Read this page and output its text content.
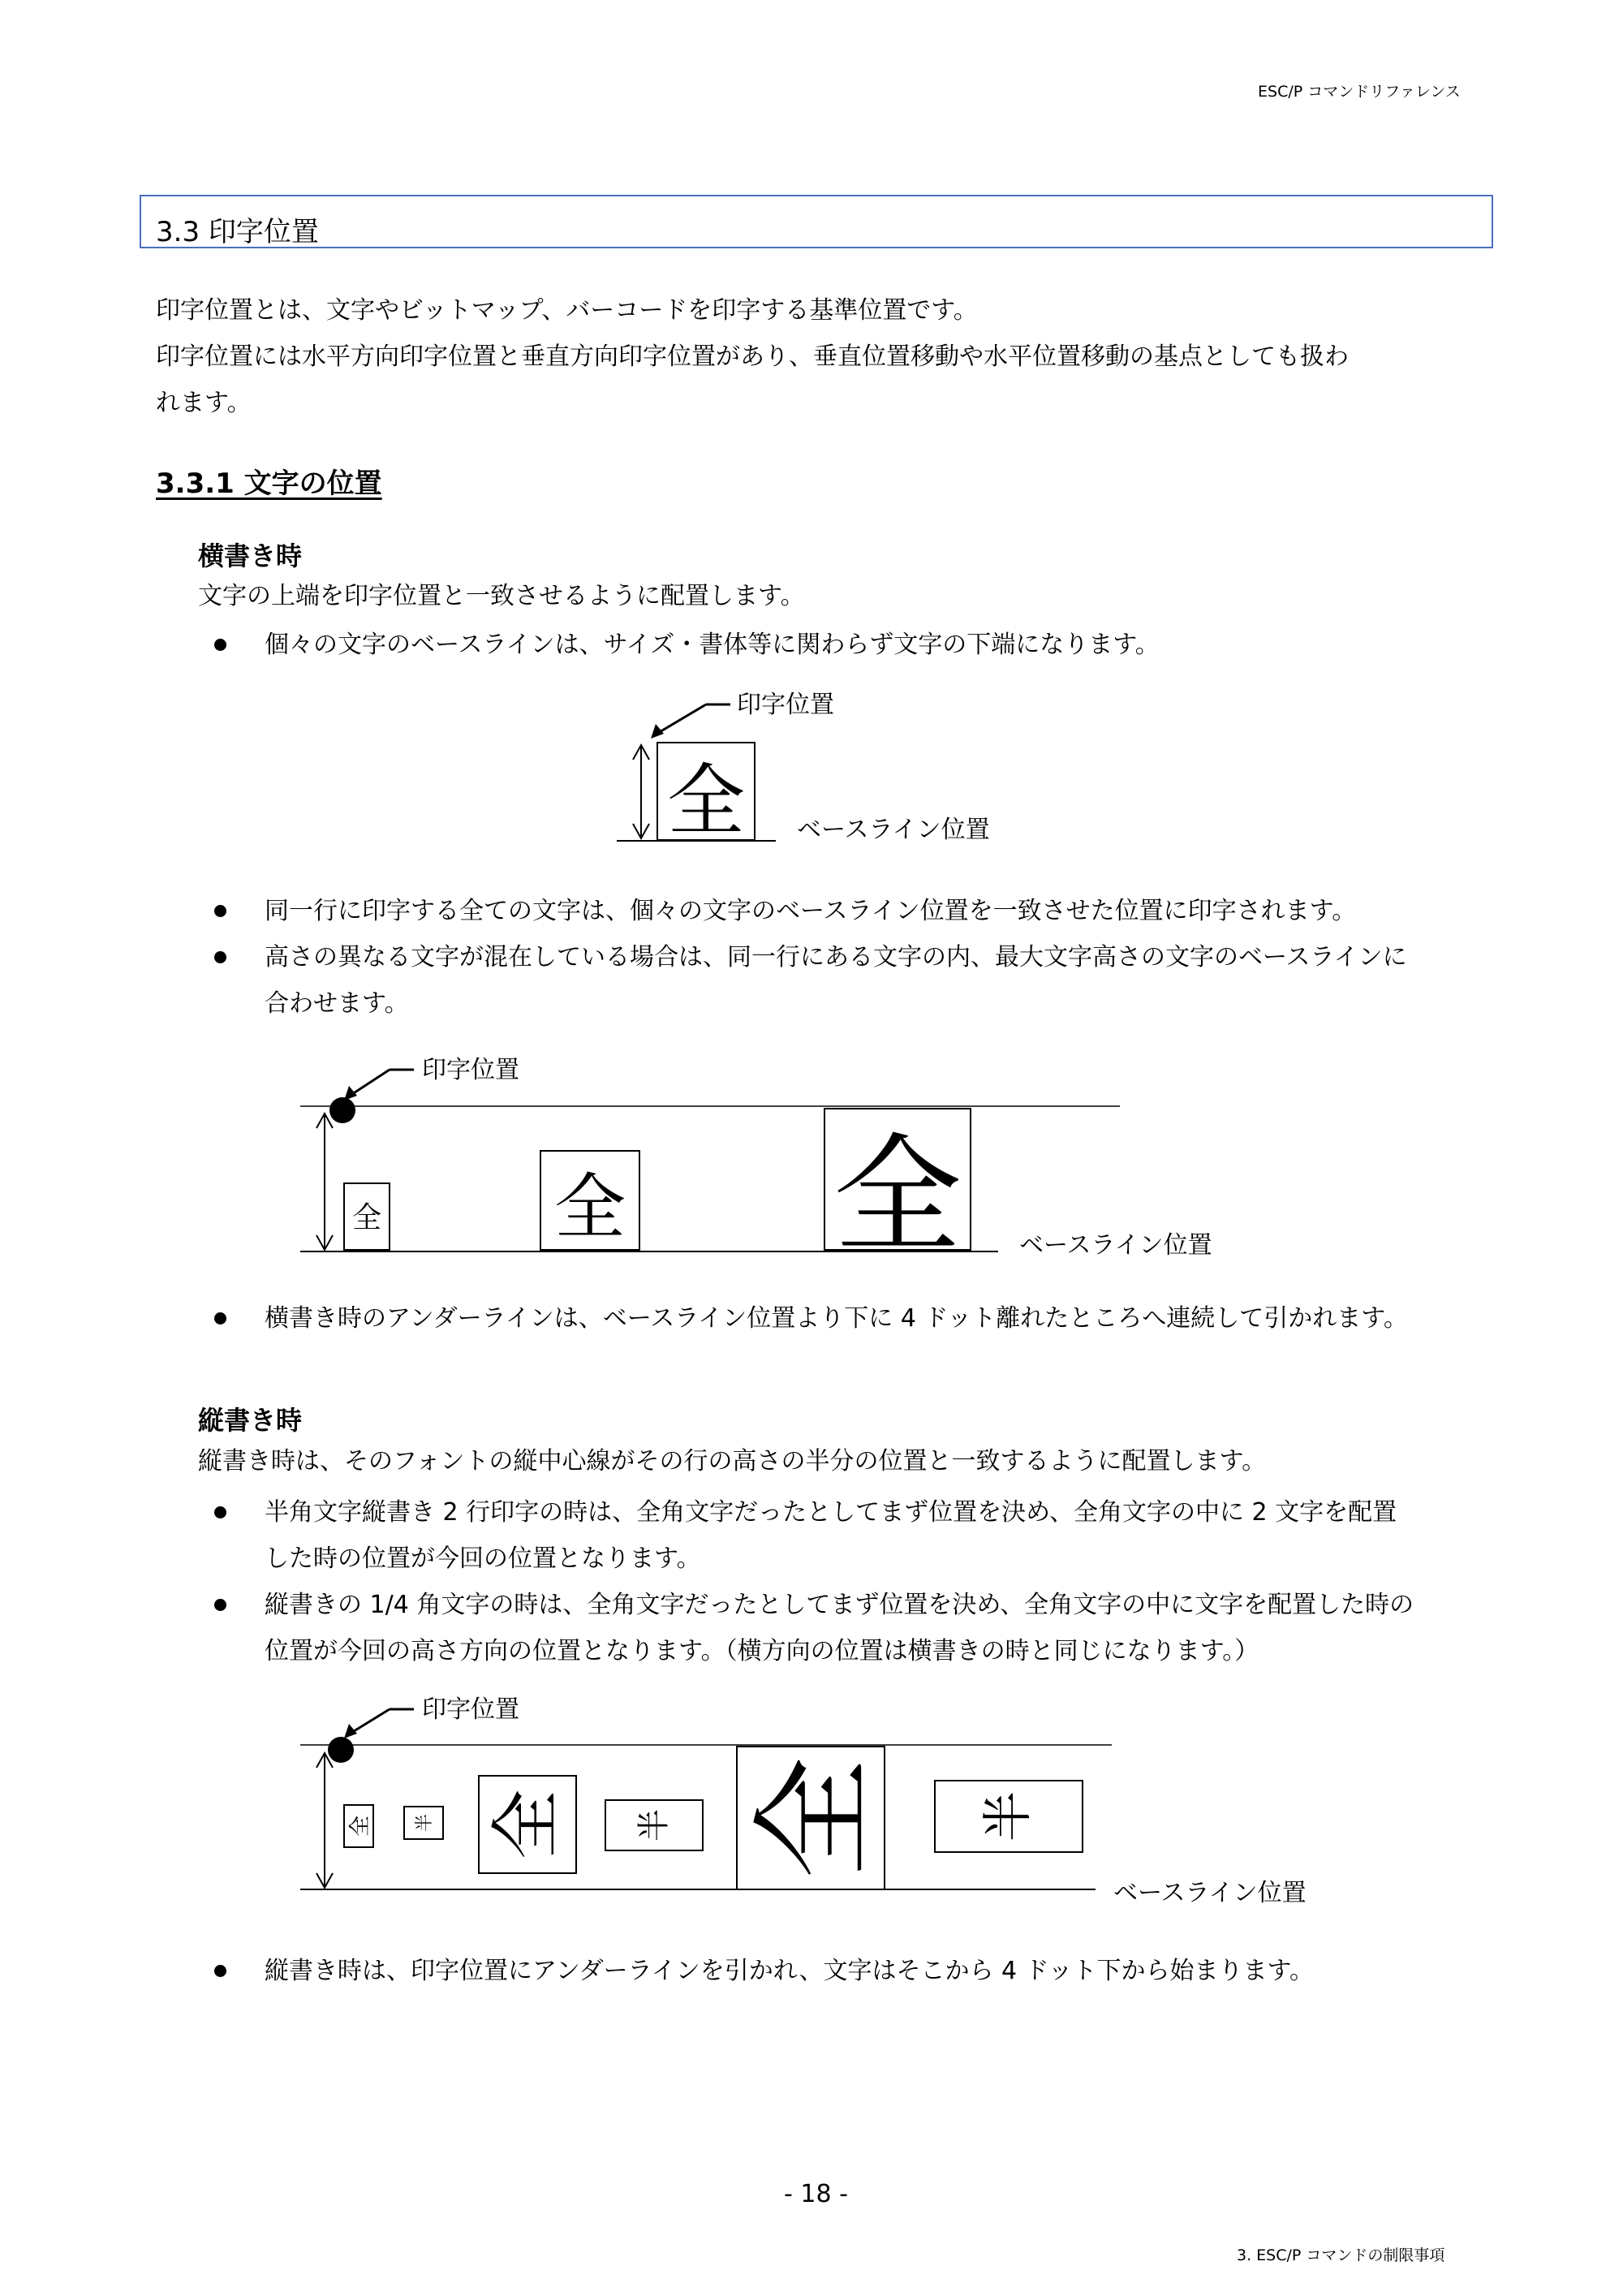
ESC/P コマンドリファレンス
3.3 印字位置
印字位置とは、文字やビットマップ、バーコードを印字する基準位置です。
印字位置には水平方向印字位置と垂直方向印字位置があり、垂直位置移動や水平位置移動の基点としても扱わ
れます。
3.3.1 文字の位置
横書き時
文字の上端を印字位置と一致させるように配置します。
個々の文字のベースラインは、サイズ・書体等に関わらず文字の下端になります。
印字位置
全 ベースライン位置
同一行に印字する全ての文字は、個々の文字のベースライン位置を一致させた位置に印字されます。
高さの異なる文字が混在している場合は、同一行にある文字の内、最大文字高さの文字のベースラインに
合わせます。
印字位置
全 全 全 ベースライン位置
横書き時のアンダーラインは、ベースライン位置より下に 4 ドット離れたところへ連続して引かれます。
縦書き時
縦書き時は、そのフォントの縦中心線がその行の高さの半分の位置と一致するように配置します。
半角文字縦書き 2 行印字の時は、全角文字だったとしてまず位置を決め、全角文字の中に 2 文字を配置
した時の位置が今回の位置となります。
縦書きの 1/4 角文字の時は、全角文字だったとしてまず位置を決め、全角文字の中に文字を配置した時の
位置が今回の高さ方向の位置となります。（横方向の位置は横書きの時と同じになります。）
印字位置
全 半 全 半 全 半
ベースライン位置
縦書き時は、印字位置にアンダーラインを引かれ、文字はそこから 4 ドット下から始まります。
- 18 -
3. ESC/P コマンドの制限事項
